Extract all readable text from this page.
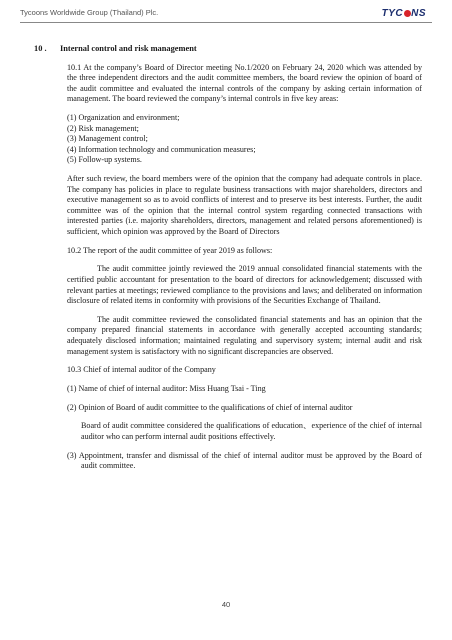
Tycoons Worldwide Group (Thailand) Plc.	TYC NS
10 . Internal control and risk management

10.1 At the company’s Board of Director meeting No.1/2020 on February 24, 2020 which was attended by the three independent directors and the audit committee members, the board review the opinion of board of the audit committee and evaluated the internal controls of the company by asking certain information of management. The board reviewed the company’s internal controls in five key areas:

(1) Organization and environment;

(2) Risk management;

(3) Management control;

(4) Information technology and communication measures;

(5) Follow-up systems.

After such review, the board members were of the opinion that the company had adequate controls in place. The company has policies in place to regulate business transactions with major shareholders, directors and executive management so as to avoid conflicts of interest and to preserve its best interests. Further, the audit committee was of the opinion that the internal control system regarding connected transactions with interested parties (i.e. majority shareholders, directors, management and related persons aforementioned) is sufficient, which opinion was approved by the Board of Directors

10.2 The report of the audit committee of year 2019 as follows:

The audit committee jointly reviewed the 2019 annual consolidated financial statements with the certified public accountant for presentation to the board of directors for acknowledgement; discussed with relevant parties at meetings; reviewed compliance to the provisions and laws; and deliberated on information disclosure of related items in conformity with provisions of the Securities Exchange of Thailand.

The audit committee reviewed the consolidated financial statements and has an opinion that the company prepared financial statements in accordance with generally accepted accounting standards; adequately disclosed information; maintained regulating and supervisory system; internal audit and risk management system is satisfactory with no significant discrepancies are observed.

10.3 Chief of internal auditor of the Company

(1) Name of chief of internal auditor: Miss Huang Tsai - Ting

(2) Opinion of Board of audit committee to the qualifications of chief of internal auditor

Board of audit committee considered the qualifications of education、experience of the chief of internal auditor who can perform internal audit positions effectively.

(3) Appointment, transfer and dismissal of the chief of internal auditor must be approved by the Board of audit committee.

40
